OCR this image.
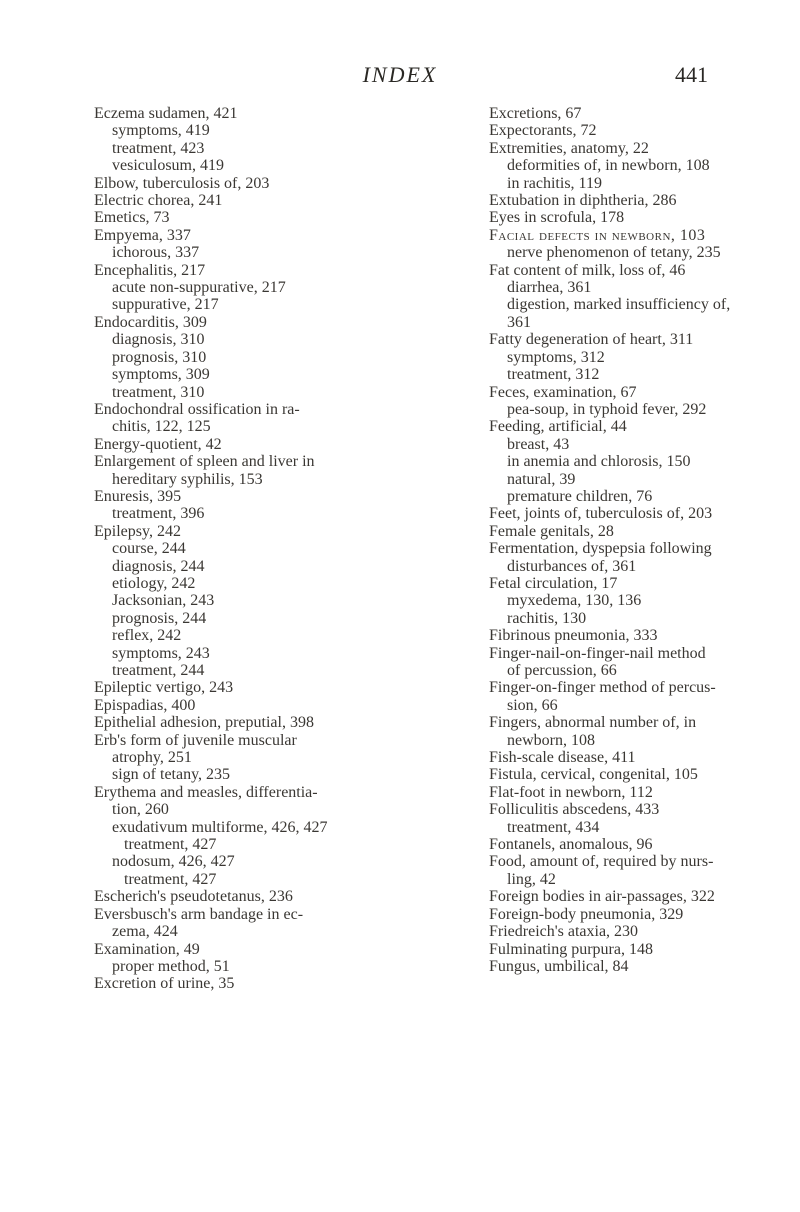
INDEX	441
Eczema sudamen, 421
symptoms, 419
treatment, 423
vesiculosum, 419
Elbow, tuberculosis of, 203
Electric chorea, 241
Emetics, 73
Empyema, 337
ichorous, 337
Encephalitis, 217
acute non-suppurative, 217
suppurative, 217
Endocarditis, 309
diagnosis, 310
prognosis, 310
symptoms, 309
treatment, 310
Endochondral ossification in ra-
chitis, 122, 125
Energy-quotient, 42
Enlargement of spleen and liver in
hereditary syphilis, 153
Enuresis, 395
treatment, 396
Epilepsy, 242
course, 244
diagnosis, 244
etiology, 242
Jacksonian, 243
prognosis, 244
reflex, 242
symptoms, 243
treatment, 244
Epileptic vertigo, 243
Epispadias, 400
Epithelial adhesion, preputial, 398
Erb's form of juvenile muscular
atrophy, 251
sign of tetany, 235
Erythema and measles, differentia-
tion, 260
exudativum multiforme, 426, 427
treatment, 427
nodosum, 426, 427
treatment, 427
Escherich's pseudotetanus, 236
Eversbusch's arm bandage in ec-
zema, 424
Examination, 49
proper method, 51
Excretion of urine, 35
Excretions, 67
Expectorants, 72
Extremities, anatomy, 22
deformities of, in newborn, 108
in rachitis, 119
Extubation in diphtheria, 286
Eyes in scrofula, 178
Facial defects in newborn, 103
nerve phenomenon of tetany, 235
Fat content of milk, loss of, 46
diarrhea, 361
digestion, marked insufficiency of,
361
Fatty degeneration of heart, 311
symptoms, 312
treatment, 312
Feces, examination, 67
pea-soup, in typhoid fever, 292
Feeding, artificial, 44
breast, 43
in anemia and chlorosis, 150
natural, 39
premature children, 76
Feet, joints of, tuberculosis of, 203
Female genitals, 28
Fermentation, dyspepsia following
disturbances of, 361
Fetal circulation, 17
myxedema, 130, 136
rachitis, 130
Fibrinous pneumonia, 333
Finger-nail-on-finger-nail method
of percussion, 66
Finger-on-finger method of percus-
sion, 66
Fingers, abnormal number of, in
newborn, 108
Fish-scale disease, 411
Fistula, cervical, congenital, 105
Flat-foot in newborn, 112
Folliculitis abscedens, 433
treatment, 434
Fontanels, anomalous, 96
Food, amount of, required by nurs-
ling, 42
Foreign bodies in air-passages, 322
Foreign-body pneumonia, 329
Friedreich's ataxia, 230
Fulminating purpura, 148
Fungus, umbilical, 84
